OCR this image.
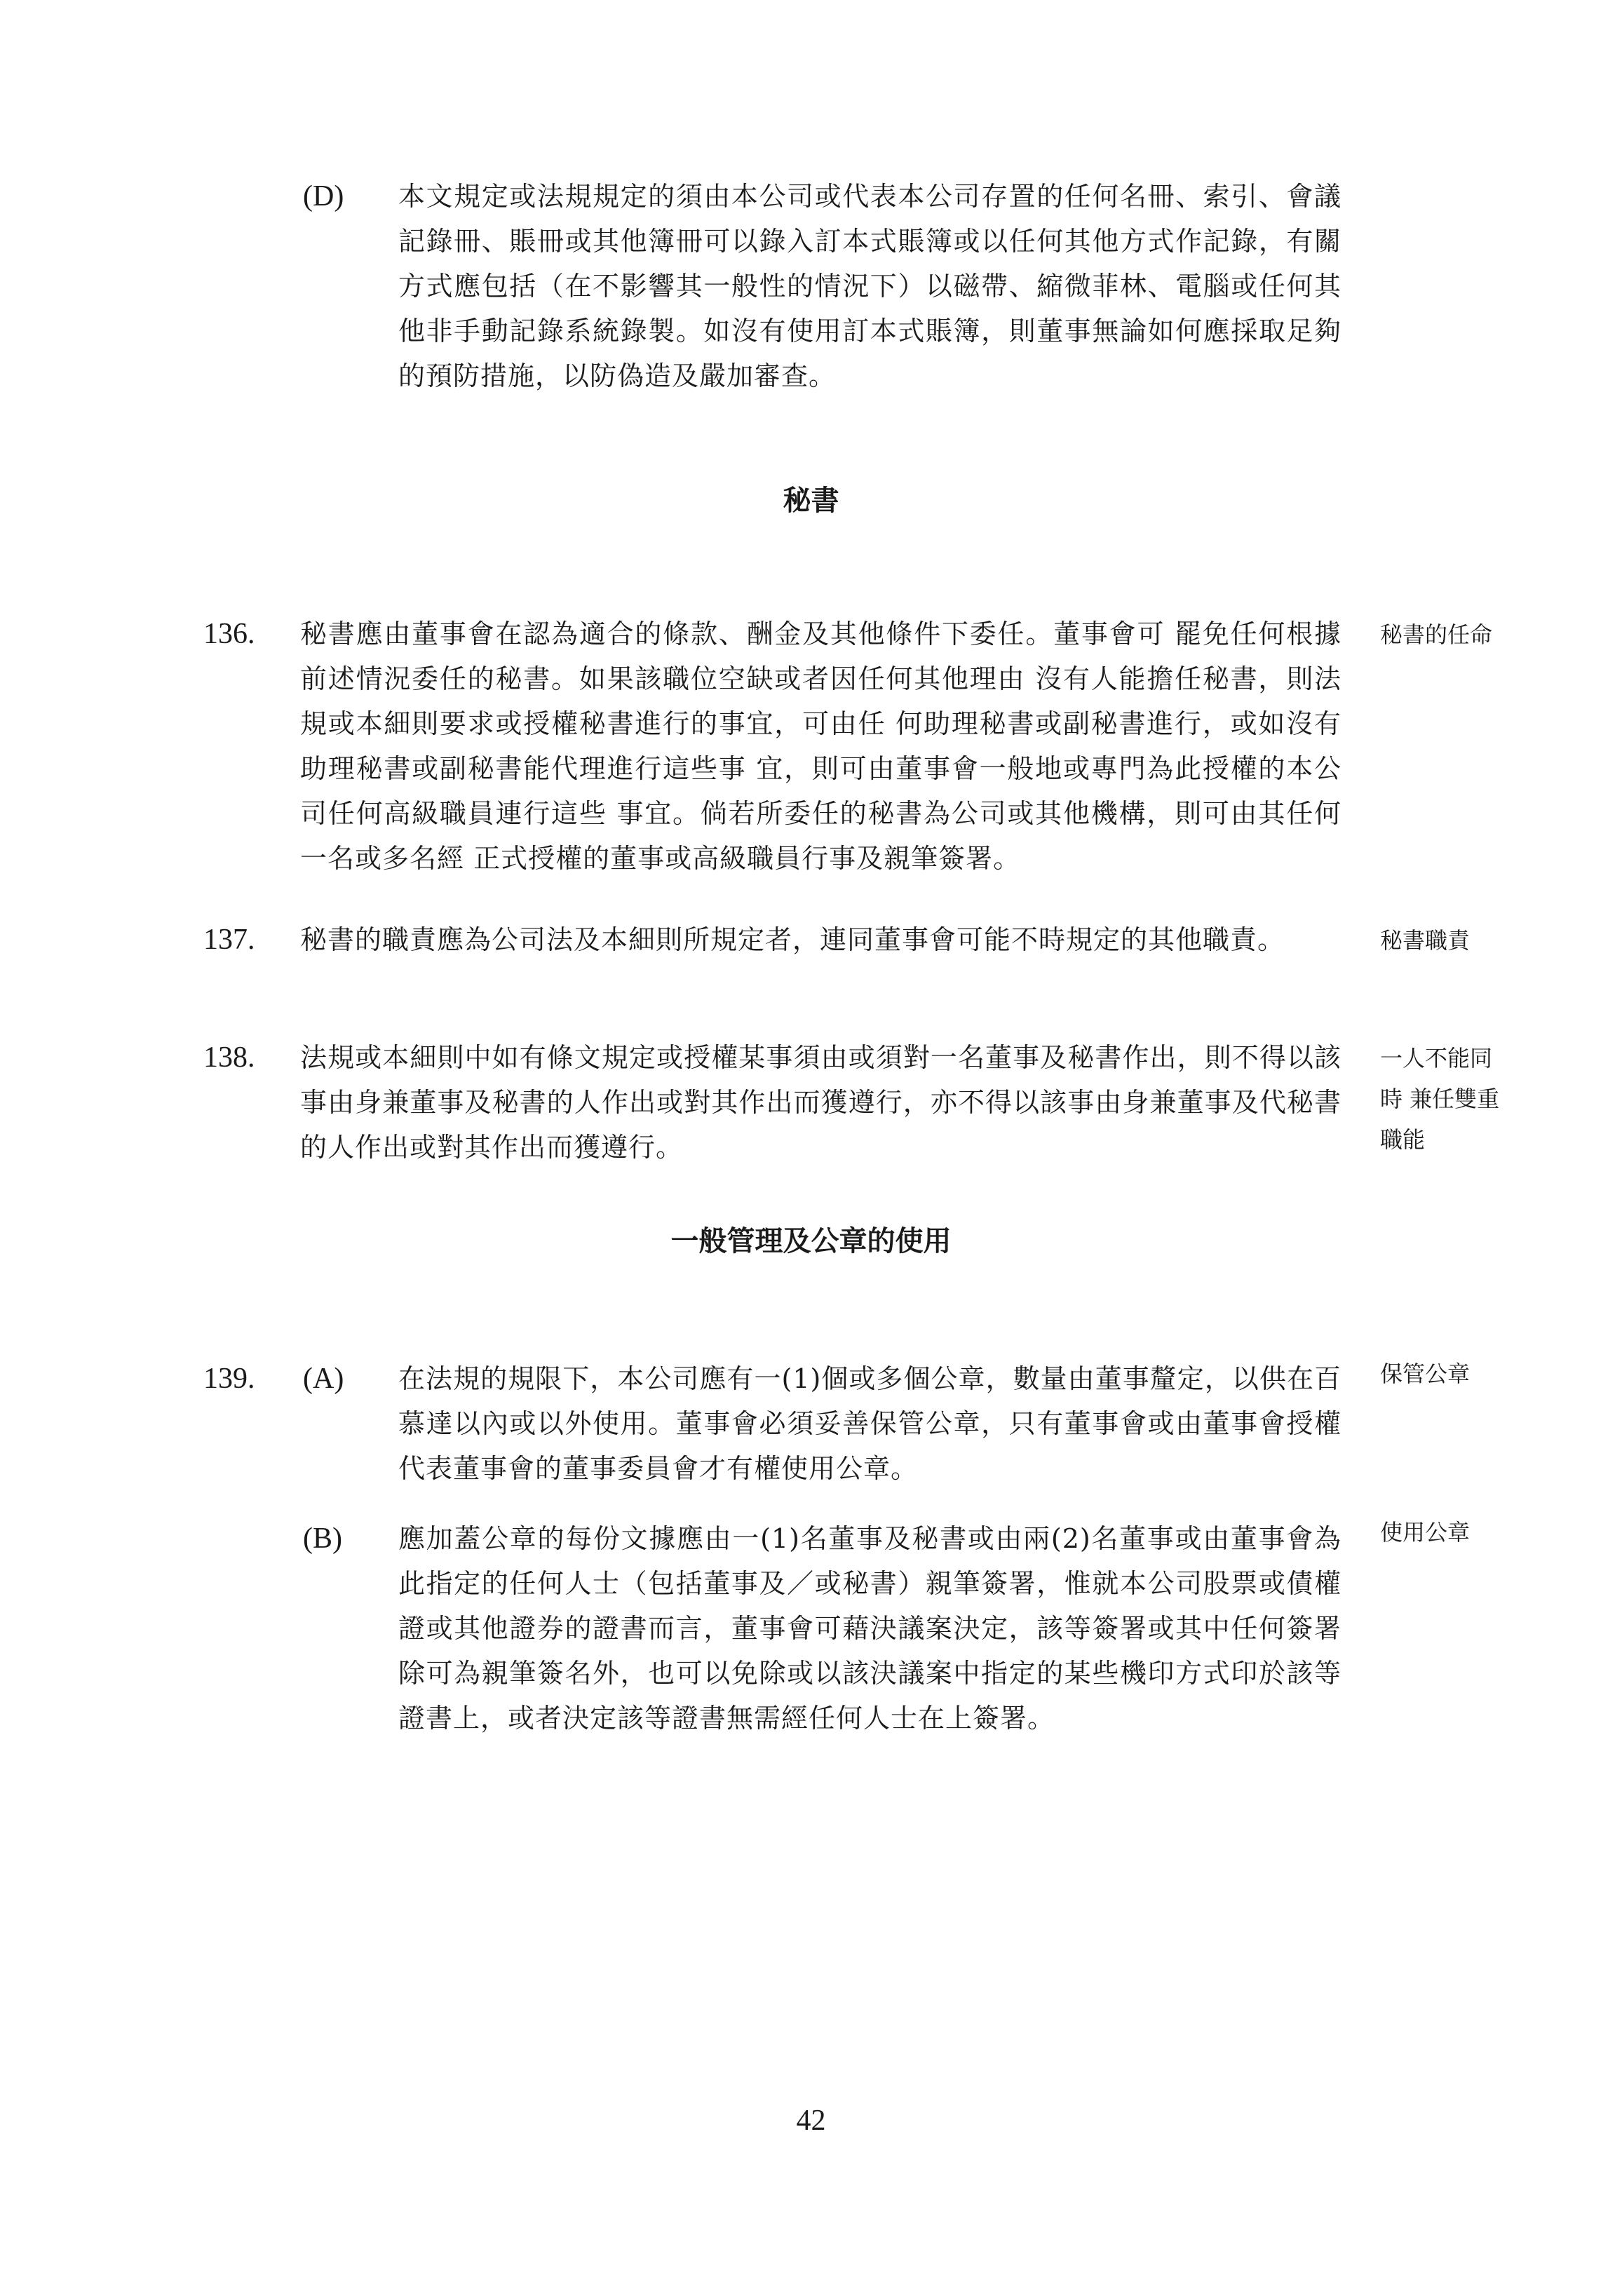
(D) 本文規定或法規規定的須由本公司或代表本公司存置的任何名冊、索引、會議記錄冊、賬冊或其他簿冊可以錄入訂本式賬簿或以任何其他方式作記錄，有關方式應包括（在不影響其一般性的情況下）以磁帶、縮微菲林、電腦或任何其他非手動記錄系統錄製。如沒有使用訂本式賬簿，則董事無論如何應採取足夠的預防措施，以防偽造及嚴加審查。

秘書

136. 秘書應由董事會在認為適合的條款、酬金及其他條件下委任。董事會可 罷免任何根據前述情況委任的秘書。如果該職位空缺或者因任何其他理由 沒有人能擔任秘書，則法規或本細則要求或授權秘書進行的事宜，可由任 何助理秘書或副秘書進行，或如沒有助理秘書或副秘書能代理進行這些事 宜，則可由董事會一般地或專門為此授權的本公司任何高級職員連行這些 事宜。倘若所委任的秘書為公司或其他機構，則可由其任何一名或多名經 正式授權的董事或高級職員行事及親筆簽署。

秘書的任命

137. 秘書的職責應為公司法及本細則所規定者，連同董事會可能不時規定的其他職責。	秘書職責

138. 法規或本細則中如有條文規定或授權某事須由或須對一名董事及秘書作出，則不得以該事由身兼董事及秘書的人作出或對其作出而獲遵行，亦不得以該事由身兼董事及代秘書的人作出或對其作出而獲遵行。

一人不能同時 兼任雙重職能

一般管理及公章的使用

139. (A) 在法規的規限下，本公司應有一(1)個或多個公章，數量由董事釐定，以供在百慕達以內或以外使用。董事會必須妥善保管公章，只有董事會或由董事會授權代表董事會的董事委員會才有權使用公章。

保管公章

(B) 應加蓋公章的每份文據應由一(1)名董事及秘書或由兩(2)名董事或由董事會為此指定的任何人士（包括董事及／或秘書）親筆簽署，惟就本公司股票或債權證或其他證券的證書而言，董事會可藉決議案決定，該等簽署或其中任何簽署除可為親筆簽名外，也可以免除或以該決議案中指定的某些機印方式印於該等證書上，或者決定該等證書無需經任何人士在上簽署。

使用公章

42
